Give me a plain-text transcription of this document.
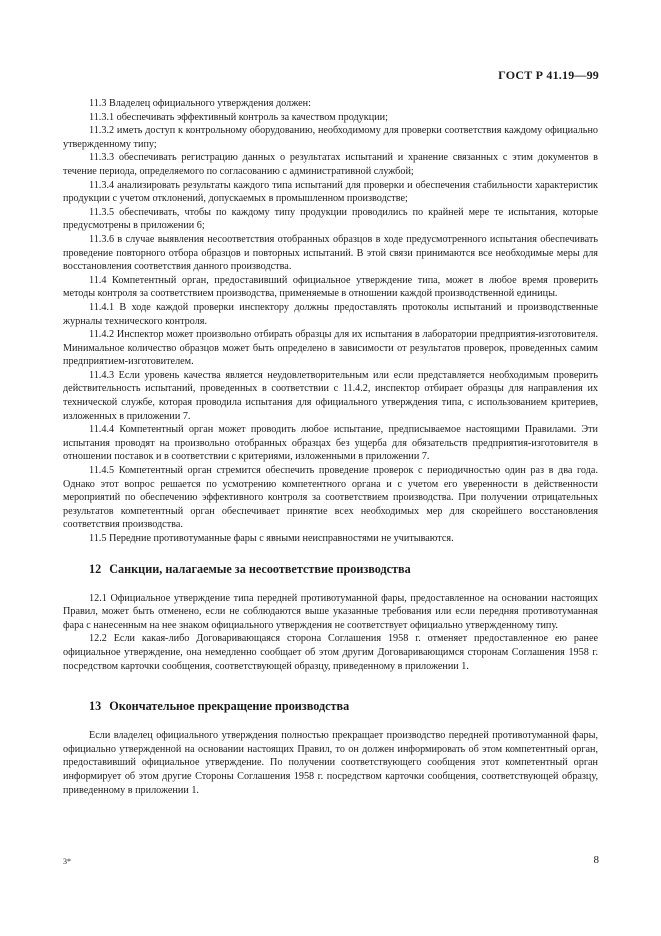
ГОСТ Р 41.19—99

11.3 Владелец официального утверждения должен:

11.3.1 обеспечивать эффективный контроль за качеством продукции;

11.3.2 иметь доступ к контрольному оборудованию, необходимому для проверки соответствия каждому официально утвержденному типу;

11.3.3 обеспечивать регистрацию данных о результатах испытаний и хранение связанных с этим документов в течение периода, определяемого по согласованию с административной службой;

11.3.4 анализировать результаты каждого типа испытаний для проверки и обеспечения стабильности характеристик продукции с учетом отклонений, допускаемых в промышленном производстве;

11.3.5 обеспечивать, чтобы по каждому типу продукции проводились по крайней мере те испытания, которые предусмотрены в приложении 6;

11.3.6 в случае выявления несоответствия отобранных образцов в ходе предусмотренного испытания обеспечивать проведение повторного отбора образцов и повторных испытаний. В этой связи принимаются все необходимые меры для восстановления соответствия данного производства.

11.4 Компетентный орган, предоставивший официальное утверждение типа, может в любое время проверить методы контроля за соответствием производства, применяемые в отношении каждой производственной единицы.

11.4.1 В ходе каждой проверки инспектору должны предоставлять протоколы испытаний и производственные журналы технического контроля.

11.4.2 Инспектор может произвольно отбирать образцы для их испытания в лаборатории предприятия-изготовителя. Минимальное количество образцов может быть определено в зависимости от результатов проверок, проведенных самим предприятием-изготовителем.

11.4.3 Если уровень качества является неудовлетворительным или если представляется необходимым проверить действительность испытаний, проведенных в соответствии с 11.4.2, инспектор отбирает образцы для направления их технической службе, которая проводила испытания для официального утверждения типа, с использованием критериев, изложенных в приложении 7.

11.4.4 Компетентный орган может проводить любое испытание, предписываемое настоящими Правилами. Эти испытания проводят на произвольно отобранных образцах без ущерба для обязательств предприятия-изготовителя в отношении поставок и в соответствии с критериями, изложенными в приложении 7.

11.4.5 Компетентный орган стремится обеспечить проведение проверок с периодичностью один раз в два года. Однако этот вопрос решается по усмотрению компетентного органа и с учетом его уверенности в действенности мероприятий по обеспечению эффективного контроля за соответствием производства. При получении отрицательных результатов компетентный орган обеспечивает принятие всех необходимых мер для скорейшего восстановления соответствия производства.

11.5 Передние противотуманные фары с явными неисправностями не учитываются.

12 Санкции, налагаемые за несоответствие производства

12.1 Официальное утверждение типа передней противотуманной фары, предоставленное на основании настоящих Правил, может быть отменено, если не соблюдаются выше указанные требования или если передняя противотуманная фара с нанесенным на нее знаком официального утверждения не соответствует официально утвержденному типу.

12.2 Если какая-либо Договаривающаяся сторона Соглашения 1958 г. отменяет предоставленное ею ранее официальное утверждение, она немедленно сообщает об этом другим Договаривающимся сторонам Соглашения 1958 г. посредством карточки сообщения, соответствующей образцу, приведенному в приложении 1.

13 Окончательное прекращение производства

Если владелец официального утверждения полностью прекращает производство передней противотуманной фары, официально утвержденной на основании настоящих Правил, то он должен информировать об этом компетентный орган, предоставивший официальное утверждение. По получении соответствующего сообщения этот компетентный орган информирует об этом другие Стороны Соглашения 1958 г. посредством карточки сообщения, соответствующей образцу, приведенному в приложении 1.

3*	8
